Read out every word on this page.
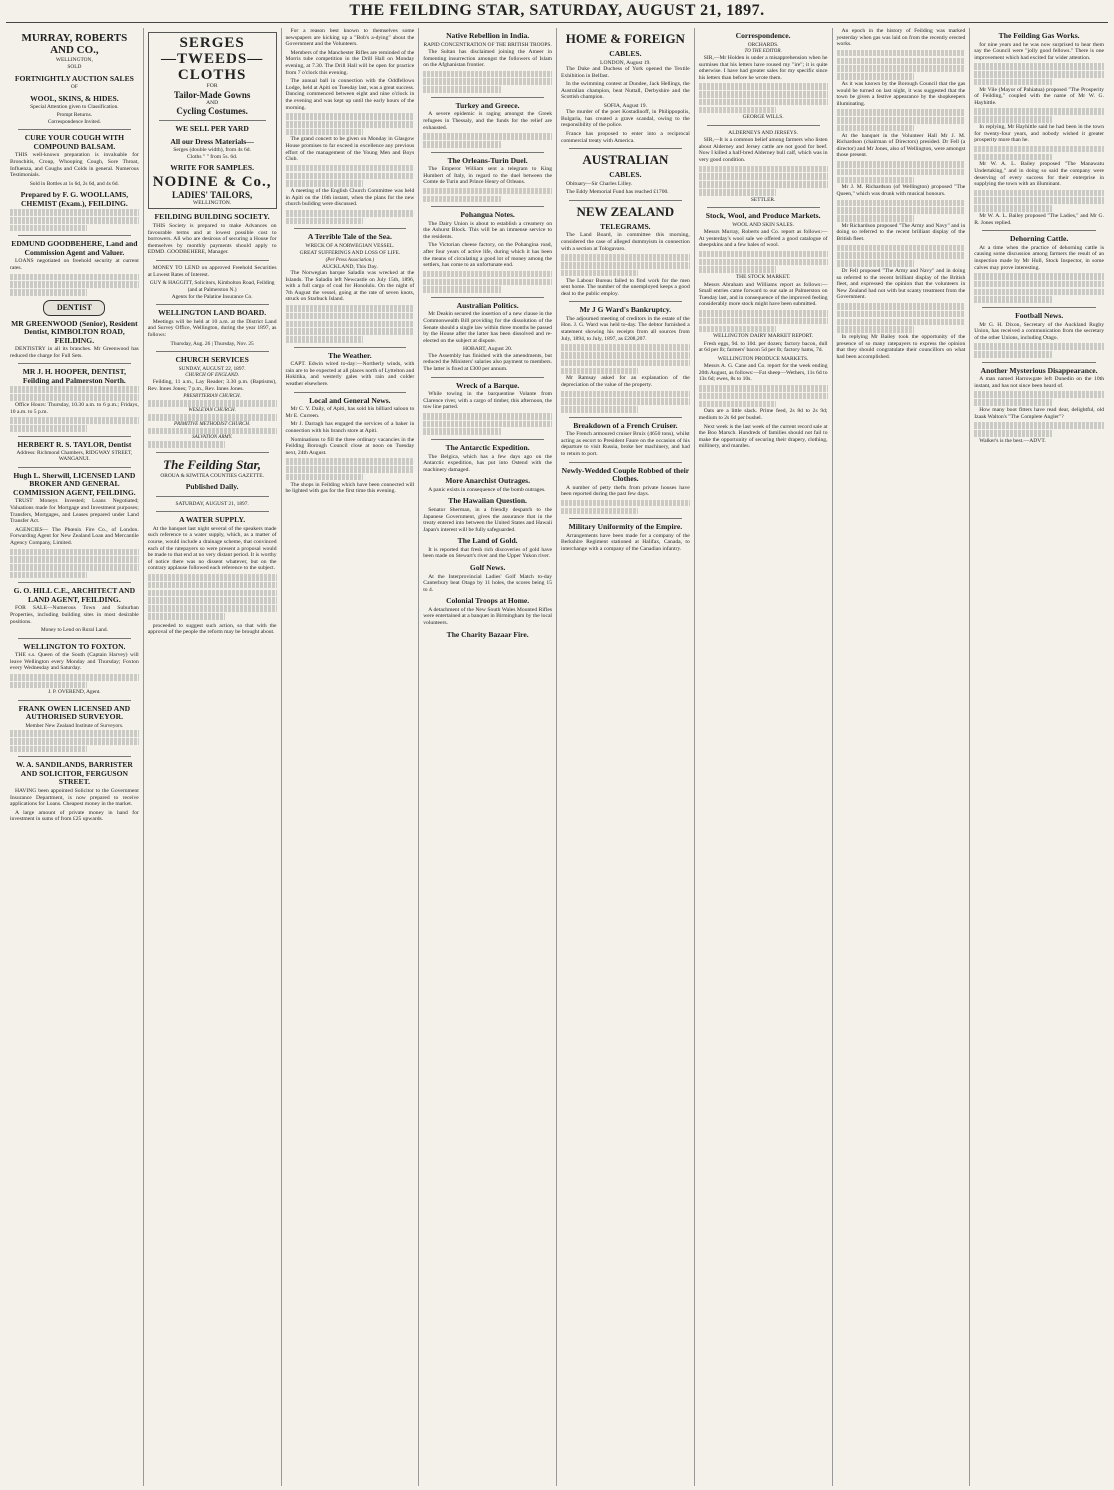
THE FEILDING STAR, SATURDAY, AUGUST 21, 1897.
MURRAY, ROBERTS AND CO.,
WELLINGTON,
SOLD
FORTNIGHTLY AUCTION SALES
OF
WOOL, SKINS, & HIDES.
Special Attention given to Classification.
Prompt Returns.
Correspondence Invited.
CURE YOUR COUGH WITH COMPOUND BALSAM.

THIS well-known preparation is invaluable for Bronchitis, Croup, Whooping Cough, Sore Throat, Influenza, and Coughs and Colds in general. Numerous Testimonials.

Sold in Bottles at 1s 6d, 2s 6d, and 4s 6d.
Prepared by F. G. WOOLLAMS, CHEMIST (Exam.), FEILDING.
EDMUND GOODBEHERE, Land and Commission Agent and Valuer.

LOANS negotiated on freehold security at current rates.

DENTIST
MR GREENWOOD (Senior), Resident Dentist, KIMBOLTON ROAD, FEILDING.

DENTISTRY in all its branches. Mr Greenwood has reduced the charge for Full Sets.

MR J. H. HOOPER, DENTIST, Feilding and Palmerston North.

Office Hours: Thursday, 10.30 a.m. to 6 p.m.; Fridays, 10 a.m. to 5 p.m.

HERBERT R. S. TAYLOR, Dentist
Address: Richmond Chambers, RIDGWAY STREET, WANGANUI.
Hugh L. Sherwill, LICENSED LAND BROKER AND GENERAL COMMISSION AGENT, FEILDING.

TRUST Moneys Invested; Loans Negotiated; Valuations made for Mortgage and Investment purposes; Transfers, Mortgages, and Leases prepared under Land Transfer Act.

AGENCIES— The Phœnix Fire Co., of London. Forwarding Agent for New Zealand Loan and Mercantile Agency Company, Limited.

G. O. HILL C.E., ARCHITECT AND LAND AGENT, FEILDING.

FOR SALE—Numerous Town and Suburban Properties, including building sites in most desirable positions.

Money to Lend on Rural Land.
WELLINGTON TO FOXTON.

THE s.s. Queen of the South (Captain Harvey) will leave Wellington every Monday and Thursday; Foxton every Wednesday and Saturday.

J. P. OVEREND, Agent.
FRANK OWEN LICENSED AND AUTHORISED SURVEYOR.
Member New Zealand Institute of Surveyors.
W. A. SANDILANDS, BARRISTER AND SOLICITOR, FERGUSON STREET.

HAVING been appointed Solicitor to the Government Insurance Department, is now prepared to receive applications for Loans. Cheapest money in the market.

A large amount of private money in hand for investment in sums of from £25 upwards.

SERGES
—TWEEDS—
CLOTHS
FOR
Tailor-Made Gowns
AND
Cycling Costumes.
WE SELL PER YARD
All our Dress Materials—
Serges (double width), from 4s 6d.
Cloths " " from 5s. 6d.
WRITE FOR SAMPLES.
NODINE & Co.,
LADIES' TAILORS,
WELLINGTON.
FEILDING BUILDING SOCIETY.

THIS Society is prepared to make Advances on favourable terms and at lowest possible cost to borrowers. All who are desirous of securing a House for themselves by monthly payments should apply to EDMD. GOODBEHERE, Manager.

MONEY TO LEND on approved Freehold Securities at Lowest Rates of Interest.

GUY & HAGGITT, Solicitors, Kimbolton Road, Feilding (and at Palmerston N.)
Agents for the Palatine Insurance Co.
WELLINGTON LAND BOARD.

Meetings will be held at 10 a.m. at the District Land and Survey Office, Wellington, during the year 1897, as follows:

Thursday, Aug. 26 | Thursday, Nov. 25
CHURCH SERVICES
SUNDAY, AUGUST 22, 1897.
CHURCH OF ENGLAND.

Feilding, 11 a.m., Lay Reader; 3.30 p.m. (Baptisms), Rev. Innes Jones; 7 p.m., Rev. Innes Jones.

PRESBYTERIAN CHURCH.
WESLEYAN CHURCH.
PRIMITIVE METHODIST CHURCH.
SALVATION ARMY.
The Feilding Star,
OROUA & KIWITEA COUNTIES GAZETTE.
Published Daily.
SATURDAY, AUGUST 21, 1897.
A WATER SUPPLY.

At the banquet last night several of the speakers made such reference to a water supply, which, as a matter of course, would include a drainage scheme, that convinced each of the ratepayers so were present a proposal would be made to that end at no very distant period. It is worthy of notice there was no dissent whatever, but on the contrary applause followed each reference to the subject.

proceeded to suggest such action, so that with the approval of the people the reform may be brought about.

For a reason best known to themselves some newspapers are kicking up a "Bob's a-dying" about the Government and the Volunteers.

Members of the Manchester Rifles are reminded of the Morris tube competition in the Drill Hall on Monday evening, at 7.30. The Drill Hall will be open for practice from 7 o'clock this evening.

The annual ball in connection with the Oddfellows Lodge, held at Apiti on Tuesday last, was a great success. Dancing commenced between eight and nine o'clock in the evening and was kept up until the early hours of the morning.

The grand concert to be given on Monday in Glasgow House promises to far exceed in excellence any previous effort of the management of the Young Men and Boys Club.

A meeting of the English Church Committee was held in Apiti on the 16th instant, when the plans for the new church building were discussed.

A Terrible Tale of the Sea.
WRECK OF A NORWEGIAN VESSEL.
GREAT SUFFERINGS AND LOSS OF LIFE.
(Per Press Association.)
AUCKLAND, This Day.

The Norwegian barque Saladin was wrecked at the Islands. The Saladin left Newcastle on July 15th, 1896, with a full cargo of coal for Honolulu. On the night of 7th August the vessel, going at the rate of seven knots, struck on Starbuck Island.

The Weather.

CAPT. Edwin wired to-day:—Northerly winds, with rain are to be expected at all places north of Lyttelton and Hokitika, and westerly gales with rain and colder weather elsewhere.

Local and General News.

Mr C. Y. Daily, of Apiti, has sold his billiard saloon to Mr E. Curreen.

Mr J. Darragh has engaged the services of a baker in connection with his branch store at Apiti.

Nominations to fill the three ordinary vacancies in the Feilding Borough Council close at noon on Tuesday next, 24th August.

The shops in Feilding which have been connected will be lighted with gas for the first time this evening.

Native Rebellion in India.
RAPID CONCENTRATION OF THE BRITISH TROOPS.

The Sultan has disclaimed joining the Ameer in fomenting insurrection amongst the followers of Islam on the Afghanistan frontier.

Turkey and Greece.

A severe epidemic is raging amongst the Greek refugees in Thessaly, and the funds for the relief are exhausted.

The Orleans-Turin Duel.

The Emperor William sent a telegram to King Humbert of Italy, in regard to the duel between the Comte de Turin and Prince Henry of Orleans.

Pohangua Notes.

The Dairy Union is about to establish a creamery on the Ashurst Block. This will be an immense service to the residents.

The Victorian cheese factory, on the Pohangina road, after four years of active life, during which it has been the means of circulating a good lot of money among the settlers, has come to an unfortunate end.

Australian Politics.

Mr Deakin secured the insertion of a new clause in the Commonwealth Bill providing for the dissolution of the Senate should a single law within three months be passed by the House after the latter has been dissolved and re-elected on the subject at dispute.

HOBART, August 20.

The Assembly has finished with the amendments, but reduced the Ministers' salaries also payment to members. The latter is fixed at £300 per annum.

Wreck of a Barque.

While towing in the barquentine Volante from Clarence river, with a cargo of timber, this afternoon, the tow line parted.

The Antarctic Expedition.

The Belgica, which has a few days ago on the Antarctic expedition, has put into Ostend with the machinery damaged.

More Anarchist Outrages.

A panic exists in consequence of the bomb outrages.

The Hawaiian Question.

Senator Sherman, in a friendly despatch to the Japanese Government, gives the assurance that in the treaty entered into between the United States and Hawaii Japan's interest will be fully safeguarded.

The Land of Gold.

It is reported that fresh rich discoveries of gold have been made on Stewart's river and the Upper Yukon river.

Golf News.

At the Interprovincial Ladies' Golf Match to-day Canterbury beat Otago by 11 holes, the scores being 15 to 4.

Colonial Troops at Home.

A detachment of the New South Wales Mounted Rifles were entertained at a banquet in Birmingham by the local volunteers.

The Charity Bazaar Fire.
HOME & FOREIGN
CABLES.
LONDON, August 19.

The Duke and Duchess of York opened the Textile Exhibition in Belfast.

In the swimming contest at Dundee, Jack Hellings, the Australian champion, beat Nuttall, Derbyshire and the Scottish champion.

SOFIA, August 19.

The murder of the poet Kostadinoff, in Philippopolis, Bulgaria, has created a grave scandal, owing to the responsibility of the police.

France has proposed to enter into a reciprocal commercial treaty with America.

AUSTRALIAN
CABLES.

Obituary—Sir Charles Lilley.

The Eddy Memorial Fund has reached £1700.

NEW ZEALAND
TELEGRAMS.

The Land Board, in committee this morning, considered the case of alleged dummyism in connection with a section at Tologavaro.

The Labour Bureau failed to find work for the men sent home. The number of the unemployed keeps a good deal to the public employ.

Mr J G Ward's Bankruptcy.

The adjourned meeting of creditors in the estate of the Hon. J. G. Ward was held to-day. The debtor furnished a statement showing his receipts from all sources from July, 1894, to July, 1897, as £208,207.

Mr Ramsay asked for an explanation of the depreciation of the value of the property.

Breakdown of a French Cruiser.

The French armoured cruiser Bruix (4650 tons), whilst acting as escort to President Faure on the occasion of his departure to visit Russia, broke her machinery, and had to return to port.

Newly-Wedded Couple Robbed of their Clothes.

A number of petty thefts from private houses have been reported during the past few days.

Military Uniformity of the Empire.

Arrangements have been made for a company of the Berkshire Regiment stationed at Halifax, Canada, to interchange with a company of the Canadian infantry.

Correspondence.
ORCHARDS.
TO THE EDITOR.

SIR,—Mr Holden is under a misapprehension when he surmises that his letters have roused my "ire"; it is quite otherwise. I have had greater sales for my specific since his letters than before he wrote them.

GEORGE WILLS.
ALDERNEYS AND JERSEYS.

SIR,—It is a common belief among farmers who listen about Alderney and Jersey cattle are not good for beef. Now I killed a half-bred Alderney bull calf, which was in very good condition.

SETTLER.
Stock, Wool, and Produce Markets.
WOOL AND SKIN SALES.

Messrs Murray, Roberts and Co. report as follows:—At yesterday's wool sale we offered a good catalogue of sheepskins and a few bales of wool.

THE STOCK MARKET.

Messrs Abraham and Williams report as follows:—Small entries came forward to our sale at Palmerston on Tuesday last, and in consequence of the improved feeling considerably more stock might have been submitted.

WELLINGTON DAIRY MARKET REPORT.

Fresh eggs, 9d. to 10d. per dozen; factory bacon, dull at 6d per lb; farmers' bacon 5d per lb; factory hams, 7d.

WELLINGTON PRODUCE MARKETS.

Messrs A. G. Cane and Co. report for the week ending 20th August, as follows:—Fat sheep—Wethers, 11s 6d to 13s 6d; ewes, 8s to 10s.

Oats are a little slack. Prime feed, 2s 8d to 2s 9d; medium to 2s 6d per bushel.

Next week is the last week of the current record sale at the Boo Marsch. Hundreds of families should not fail to make the opportunity of securing their drapery, clothing, millinery, and mantles.

An epoch in the history of Feilding was marked yesterday when gas was laid on from the recently erected works.

As it was known by the Borough Council that the gas would be turned on last night, it was suggested that the town be given a festive appearance by the shopkeepers illuminating.

At the banquet in the Volunteer Hall Mr J. M. Richardson (chairman of Directors) presided. Dr Fell (a director) and Mr Jones, also of Wellington, were amongst those present.

Mr J. M. Richardson (of Wellington) proposed "The Queen," which was drunk with musical honours.

Mr Richardson proposed "The Army and Navy" and in doing so referred to the recent brilliant display of the British fleet.

Dr Fell proposed "The Army and Navy" and in doing so referred to the recent brilliant display of the British fleet, and expressed the opinion that the volunteers in New Zealand had not with but scanty treatment from the Government.

In replying Mr Bailey took the opportunity of the presence of so many ratepayers to express the opinion that they should congratulate their councillors on what had been accomplished.

The Feilding Gas Works.

for nine years and he was now surprised to hear them say the Council were "jolly good fellows." There is one improvement which had excited far wider attention.

Mr Vile (Mayor of Pahiatua) proposed "The Prosperity of Feilding," coupled with the name of Mr W. G. Hayhittle.

In replying, Mr Hayhittle said he had been in the town for twenty-four years, and nobody wished it greater prosperity more than he.

Mr W. A. L. Bailey proposed "The Manawatu Undertaking," and in doing so said the company were deserving of every success for their enterprise in supplying the town with an illuminant.

Mr W. A. L. Bailey proposed "The Ladies," and Mr G. R. Jones replied.

Dehorning Cattle.

At a time when the practice of dehorning cattle is causing some discussion among farmers the result of an inspection made by Mr Hull, Stock Inspector, in some calves may prove interesting.

Football News.

Mr G. H. Dixon, Secretary of the Auckland Rugby Union, has received a communication from the secretary of the other Unions, including Otago.

Another Mysterious Disappearance.

A man named Harrowgate left Dunedin on the 10th instant, and has not since been heard of.

How many boot fitters have read dear, delightful, old Izaak Walton's "The Complete Angler"?

Walker's is the best.—ADVT.
